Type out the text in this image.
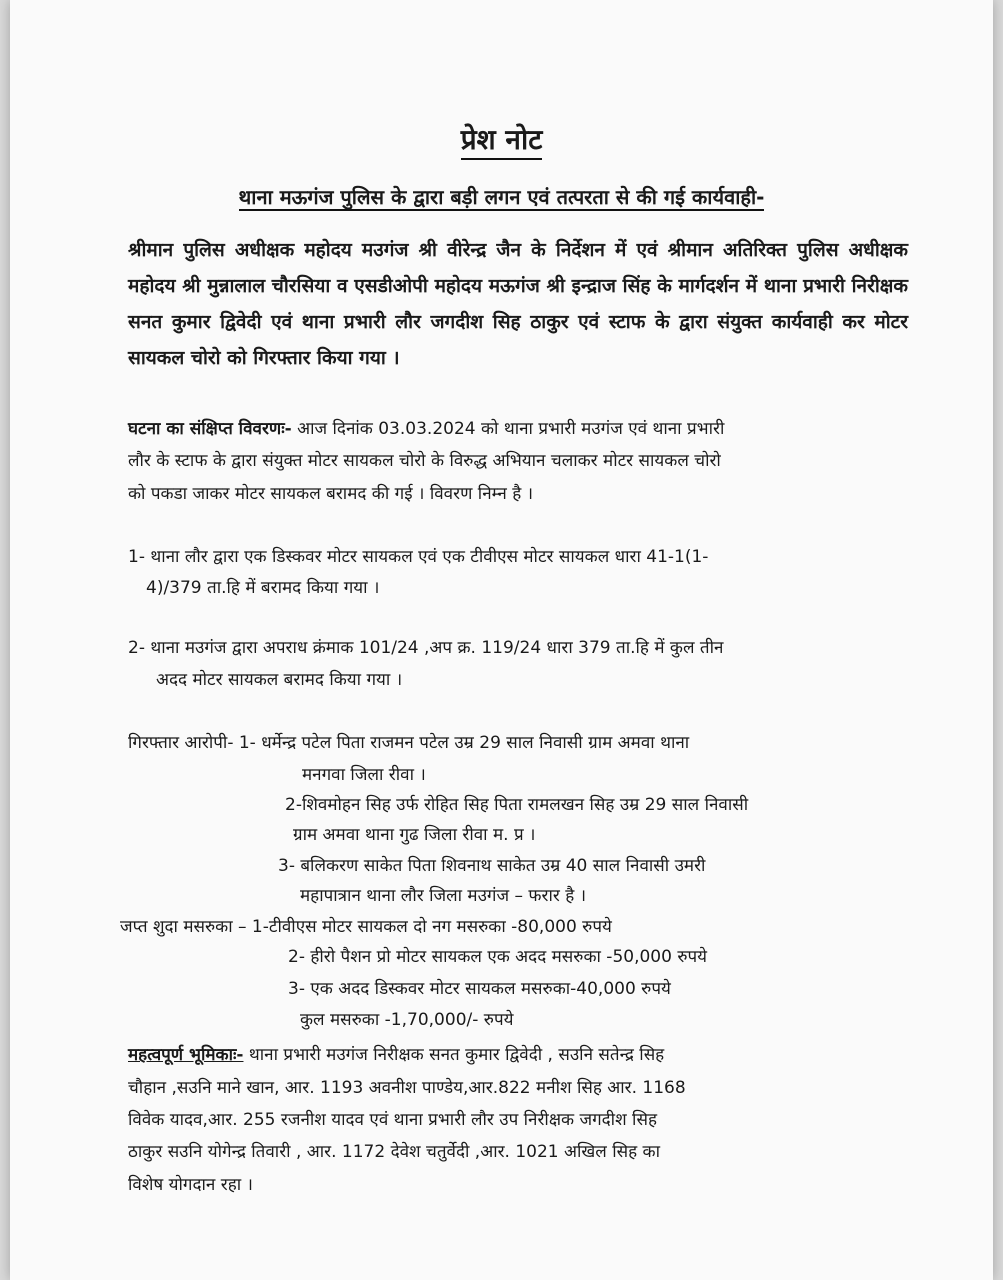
प्रेश नोट
थाना मऊगंज पुलिस के द्वारा बड़ी लगन एवं तत्परता से की गई कार्यवाही-
श्रीमान पुलिस अधीक्षक महोदय मउगंज श्री वीरेन्द्र जैन के निर्देशन में एवं श्रीमान अतिरिक्त पुलिस अधीक्षक महोदय श्री मुन्नालाल चौरसिया व एसडीओपी महोदय मऊगंज श्री इन्द्राज सिंह के मार्गदर्शन में थाना प्रभारी निरीक्षक सनत कुमार द्विवेदी एवं थाना प्रभारी लौर जगदीश सिह ठाकुर एवं स्टाफ के द्वारा संयुक्त कार्यवाही कर मोटर सायकल चोरो को गिरफ्तार किया गया ।
घटना का संक्षिप्त विवरणः- आज दिनांक 03.03.2024 को थाना प्रभारी मउगंज एवं थाना प्रभारी
लौर के स्टाफ के द्वारा संयुक्त मोटर सायकल चोरो के विरुद्ध अभियान चलाकर मोटर सायकल चोरो
को पकडा जाकर मोटर सायकल बरामद की गई । विवरण निम्न है ।
1- थाना लौर द्वारा एक डिस्कवर मोटर सायकल एवं एक टीवीएस मोटर सायकल धारा 41-1(1-
4)/379 ता.हि में बरामद किया गया ।
2- थाना मउगंज द्वारा अपराध क्रंमाक 101/24 ,अप क्र. 119/24 धारा 379 ता.हि में कुल तीन
अदद मोटर सायकल बरामद किया गया ।
गिरफ्तार आरोपी- 1- धर्मेन्द्र पटेल पिता राजमन पटेल उम्र 29 साल निवासी ग्राम अमवा थाना
मनगवा जिला रीवा ।
2-शिवमोहन सिह उर्फ रोहित सिह पिता रामलखन सिह उम्र 29 साल निवासी
ग्राम अमवा थाना गुढ जिला रीवा म. प्र ।
3- बलिकरण साकेत पिता शिवनाथ साकेत उम्र 40 साल निवासी उमरी
महापात्रान थाना लौर जिला मउगंज – फरार है ।
जप्त शुदा मसरुका – 1-टीवीएस मोटर सायकल दो नग मसरुका -80,000 रुपये
2- हीरो पैशन प्रो मोटर सायकल एक अदद मसरुका -50,000 रुपये
3- एक अदद डिस्कवर मोटर सायकल मसरुका-40,000 रुपये
कुल मसरुका -1,70,000/- रुपये
महत्वपूर्ण भूमिकाः- थाना प्रभारी मउगंज निरीक्षक सनत कुमार द्विवेदी , सउनि सतेन्द्र सिह
चौहान ,सउनि माने खान, आर. 1193 अवनीश पाण्डेय,आर.822 मनीश सिह आर. 1168
विवेक यादव,आर. 255 रजनीश यादव एवं थाना प्रभारी लौर उप निरीक्षक जगदीश सिह
ठाकुर सउनि योगेन्द्र तिवारी , आर. 1172 देवेश चतुर्वेदी ,आर. 1021 अखिल सिह का
विशेष योगदान रहा ।
